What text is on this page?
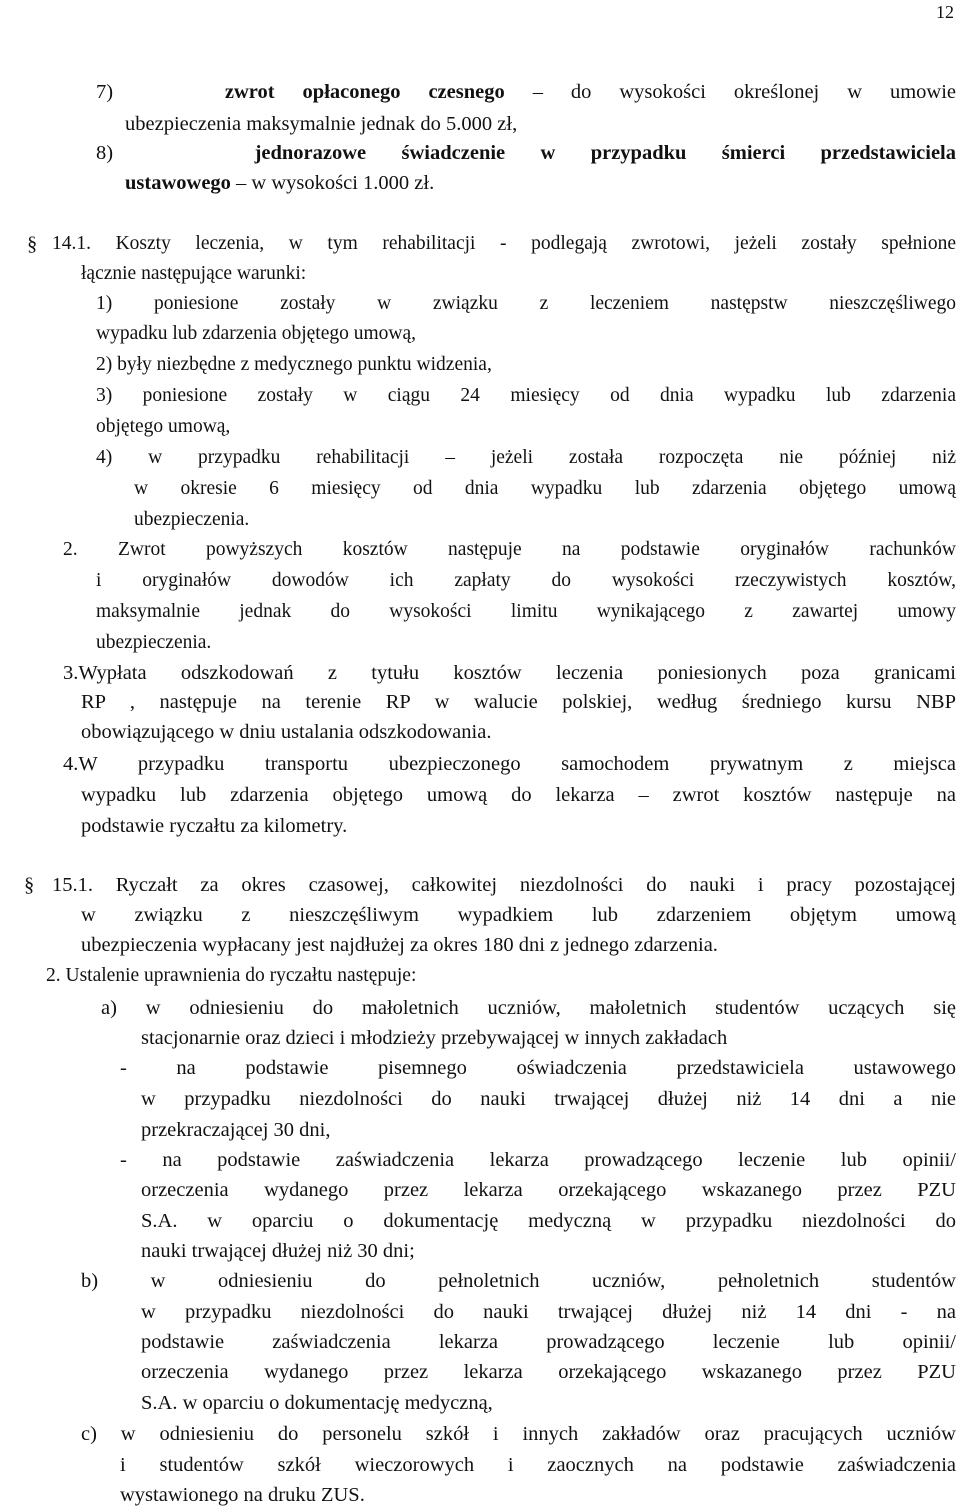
12
7)	zwrot opłaconego czesnego – do wysokości określonej w umowie
ubezpieczenia maksymalnie jednak do 5.000 zł,
8)	jednorazowe świadczenie w przypadku śmierci przedstawiciela
ustawowego – w wysokości 1.000 zł.
§ 14.1. Koszty leczenia, w tym rehabilitacji - podlegają zwrotowi, jeżeli zostały spełnione
łącznie następujące warunki:
1) poniesione zostały w związku z leczeniem następstw nieszczęśliwego
wypadku lub zdarzenia objętego umową,
2) były niezbędne z medycznego punktu widzenia,
3) poniesione zostały w ciągu 24 miesięcy od dnia wypadku lub zdarzenia
objętego umową,
4) w przypadku rehabilitacji – jeżeli została rozpoczęta nie później niż
w okresie 6 miesięcy od dnia wypadku lub zdarzenia objętego umową
ubezpieczenia.
2. Zwrot powyższych kosztów następuje na podstawie oryginałów rachunków
i oryginałów dowodów ich zapłaty do wysokości rzeczywistych kosztów,
maksymalnie jednak do wysokości limitu wynikającego z zawartej umowy
ubezpieczenia.
3.Wypłata odszkodowań z tytułu kosztów leczenia poniesionych poza granicami
RP , następuje na terenie RP w walucie polskiej, według średniego kursu NBP
obowiązującego w dniu ustalania odszkodowania.
4.W przypadku transportu ubezpieczonego samochodem prywatnym z miejsca
wypadku lub zdarzenia objętego umową do lekarza – zwrot kosztów następuje na
podstawie ryczałtu za kilometry.
§ 15.1. Ryczałt za okres czasowej, całkowitej niezdolności do nauki i pracy pozostającej
w związku z nieszczęśliwym wypadkiem lub zdarzeniem objętym umową
ubezpieczenia wypłacany jest najdłużej za okres 180 dni z jednego zdarzenia.
2. Ustalenie uprawnienia do ryczałtu następuje:
a) w odniesieniu do małoletnich uczniów, małoletnich studentów uczących się
stacjonarnie oraz dzieci i młodzieży przebywającej w innych zakładach
- na podstawie pisemnego oświadczenia przedstawiciela ustawowego
w przypadku niezdolności do nauki trwającej dłużej niż 14 dni a nie
przekraczającej 30 dni,
- na podstawie zaświadczenia lekarza prowadzącego leczenie lub opinii/
orzeczenia wydanego przez lekarza orzekającego wskazanego przez PZU
S.A. w oparciu o dokumentację medyczną w przypadku niezdolności do
nauki trwającej dłużej niż 30 dni;
b) w odniesieniu do pełnoletnich uczniów, pełnoletnich studentów
w przypadku niezdolności do nauki trwającej dłużej niż 14 dni - na
podstawie zaświadczenia lekarza prowadzącego leczenie lub opinii/
orzeczenia wydanego przez lekarza orzekającego wskazanego przez PZU
S.A. w oparciu o dokumentację medyczną,
c) w odniesieniu do personelu szkół i innych zakładów oraz pracujących uczniów
i studentów szkół wieczorowych i zaocznych na podstawie zaświadczenia
wystawionego na druku ZUS.
